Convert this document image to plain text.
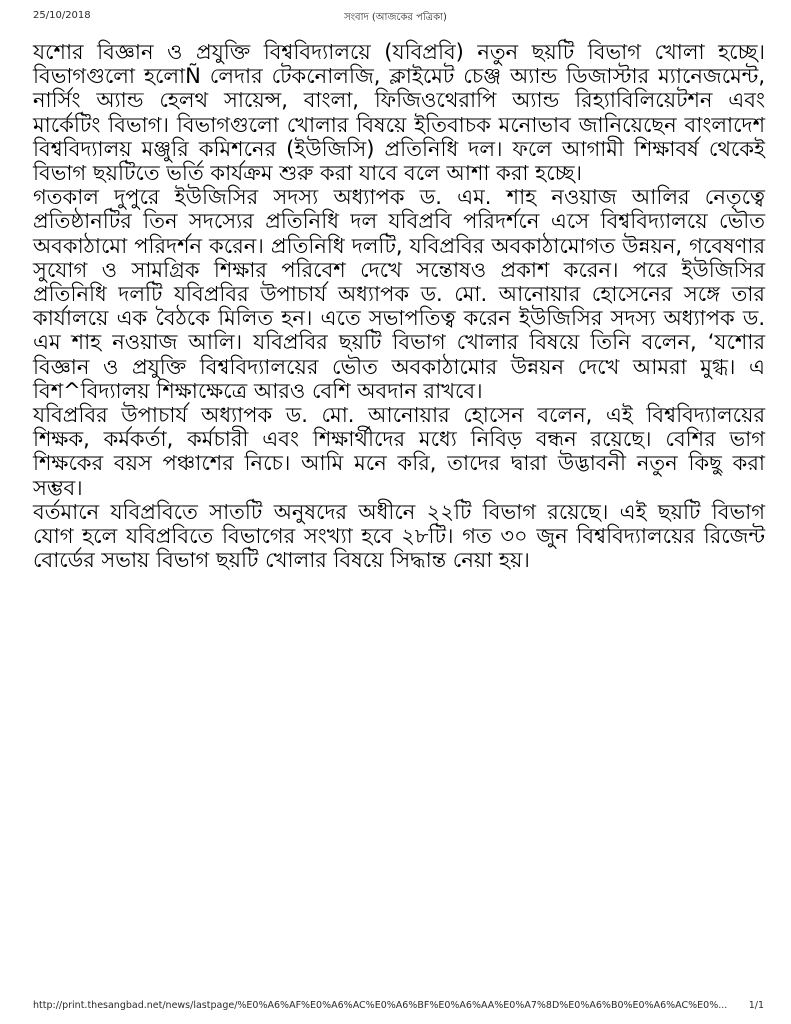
25/10/2018	সংবাদ (আজকের পত্রিকা)

যশোর বিজ্ঞান ও প্রযুক্তি বিশ্ববিদ্যালয়ে (যবিপ্রবি) নতুন ছয়টি বিভাগ খোলা হচ্ছে। বিভাগগুলো হলোÑ লেদার টেকনোলজি, ক্লাইমেট চেঞ্জ অ্যান্ড ডিজাস্টার ম্যানেজমেন্ট, নার্সিং অ্যান্ড হেলথ সায়েন্স, বাংলা, ফিজিওথেরাপি অ্যান্ড রিহ্যাবিলিয়েটশন এবং মার্কেটিং বিভাগ। বিভাগগুলো খোলার বিষয়ে ইতিবাচক মনোভাব জানিয়েছেন বাংলাদেশ বিশ্ববিদ্যালয় মঞ্জুরি কমিশনের (ইউজিসি) প্রতিনিধি দল। ফলে আগামী শিক্ষাবর্ষ থেকেই বিভাগ ছয়টিতে ভর্তি কার্যক্রম শুরু করা যাবে বলে আশা করা হচ্ছে।

গতকাল দুপুরে ইউজিসির সদস্য অধ্যাপক ড. এম. শাহ নওয়াজ আলির নেতৃত্বে প্রতিষ্ঠানটির তিন সদস্যের প্রতিনিধি দল যবিপ্রবি পরিদর্শনে এসে বিশ্ববিদ্যালয়ে ভৌত অবকাঠামো পরিদর্শন করেন। প্রতিনিধি দলটি, যবিপ্রবির অবকাঠামোগত উন্নয়ন, গবেষণার সুযোগ ও সামগ্রিক শিক্ষার পরিবেশ দেখে সন্তোষও প্রকাশ করেন। পরে ইউজিসির প্রতিনিধি দলটি যবিপ্রবির উপাচার্য অধ্যাপক ড. মো. আনোয়ার হোসেনের সঙ্গে তার কার্যালয়ে এক বৈঠকে মিলিত হন। এতে সভাপতিত্ব করেন ইউজিসির সদস্য অধ্যাপক ড. এম শাহ নওয়াজ আলি। যবিপ্রবির ছয়টি বিভাগ খোলার বিষয়ে তিনি বলেন, ‘যশোর বিজ্ঞান ও প্রযুক্তি বিশ্ববিদ্যালয়ের ভৌত অবকাঠামোর উন্নয়ন দেখে আমরা মুগ্ধ। এ বিশ^বিদ্যালয় শিক্ষাক্ষেত্রে আরও বেশি অবদান রাখবে।

যবিপ্রবির উপাচার্য অধ্যাপক ড. মো. আনোয়ার হোসেন বলেন, এই বিশ্ববিদ্যালয়ের শিক্ষক, কর্মকর্তা, কর্মচারী এবং শিক্ষার্থীদের মধ্যে নিবিড় বন্ধন রয়েছে। বেশির ভাগ শিক্ষকের বয়স পঞ্চাশের নিচে। আমি মনে করি, তাদের দ্বারা উদ্ভাবনী নতুন কিছু করা সম্ভব।

বর্তমানে যবিপ্রবিতে সাতটি অনুষদের অধীনে ২২টি বিভাগ রয়েছে। এই ছয়টি বিভাগ যোগ হলে যবিপ্রবিতে বিভাগের সংখ্যা হবে ২৮টি। গত ৩০ জুন বিশ্ববিদ্যালয়ের রিজেন্ট বোর্ডের সভায় বিভাগ ছয়টি খোলার বিষয়ে সিদ্ধান্ত নেয়া হয়।

http://print.thesangbad.net/news/lastpage/%E0%A6%AF%E0%A6%AC%E0%A6%BF%E0%A6%AA%E0%A7%8D%E0%A6%B0%E0%A6%AC%E0%...	1/1
